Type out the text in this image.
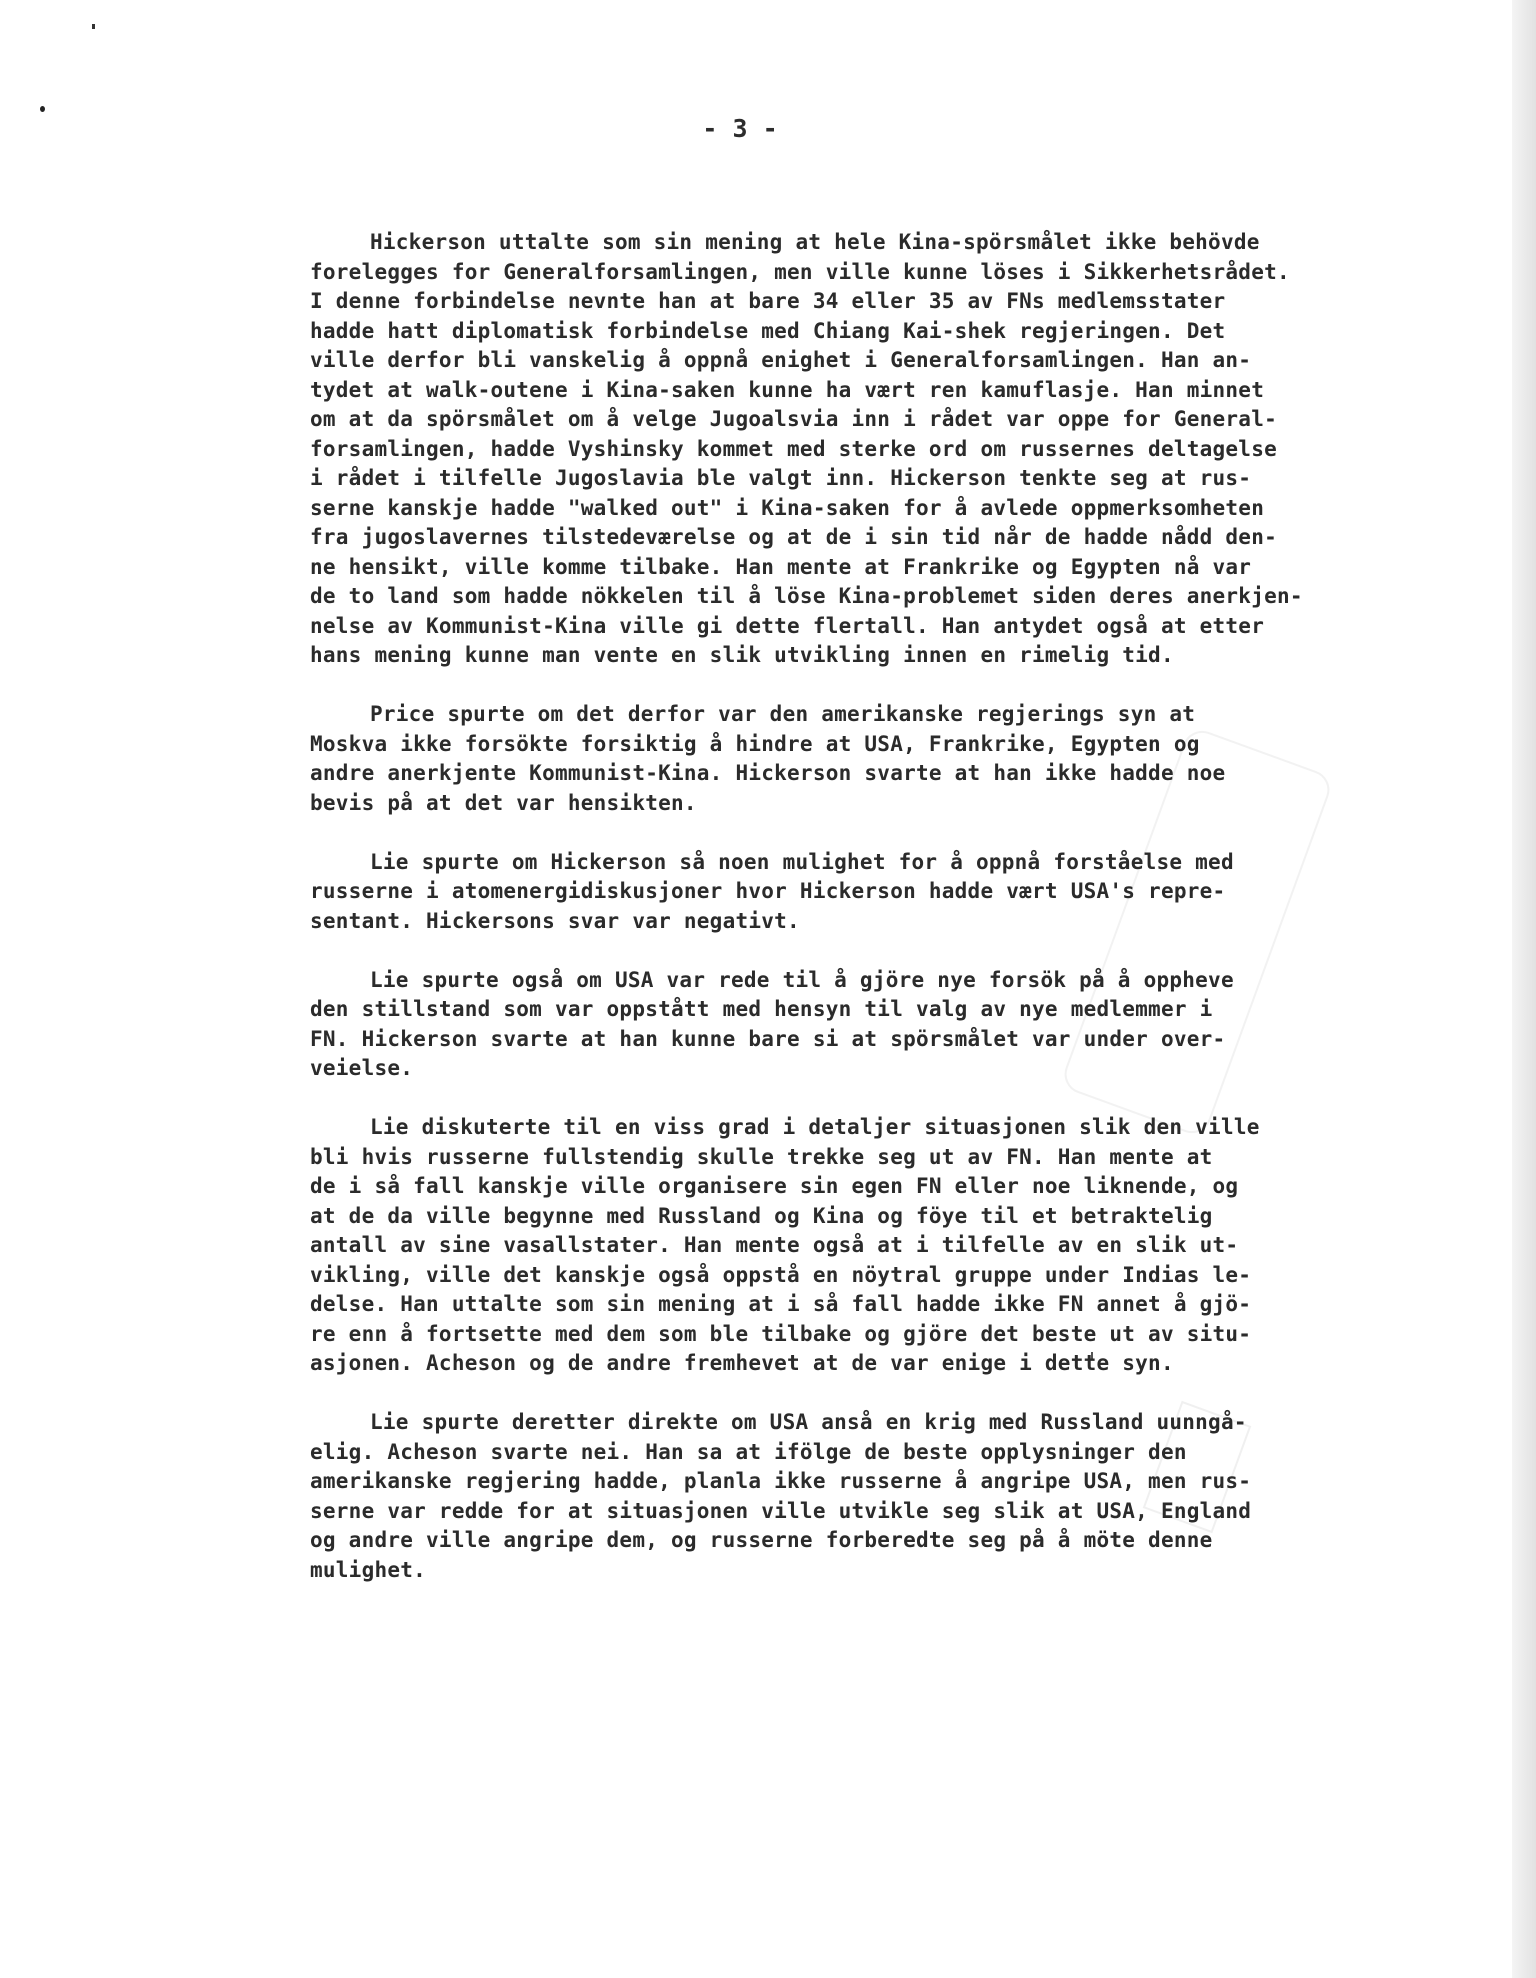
- 3 -
Hickerson uttalte som sin mening at hele Kina-spörsmålet ikke behövde
forelegges for Generalforsamlingen, men ville kunne löses i Sikkerhetsrådet.
I denne forbindelse nevnte han at bare 34 eller 35 av FNs medlemsstater
hadde hatt diplomatisk forbindelse med Chiang Kai-shek regjeringen. Det
ville derfor bli vanskelig å oppnå enighet i Generalforsamlingen. Han an-
tydet at walk-outene i Kina-saken kunne ha vært ren kamuflasje. Han minnet
om at da spörsmålet om å velge Jugoalsvia inn i rådet var oppe for General-
forsamlingen, hadde Vyshinsky kommet med sterke ord om russernes deltagelse
i rådet i tilfelle Jugoslavia ble valgt inn. Hickerson tenkte seg at rus-
serne kanskje hadde "walked out" i Kina-saken for å avlede oppmerksomheten
fra jugoslavernes tilstedeværelse og at de i sin tid når de hadde nådd den-
ne hensikt, ville komme tilbake. Han mente at Frankrike og Egypten nå var
de to land som hadde nökkelen til å löse Kina-problemet siden deres anerkjen-
nelse av Kommunist-Kina ville gi dette flertall. Han antydet også at etter
hans mening kunne man vente en slik utvikling innen en rimelig tid.
Price spurte om det derfor var den amerikanske regjerings syn at
Moskva ikke forsökte forsiktig å hindre at USA, Frankrike, Egypten og
andre anerkjente Kommunist-Kina. Hickerson svarte at han ikke hadde noe
bevis på at det var hensikten.
Lie spurte om Hickerson så noen mulighet for å oppnå forståelse med
russerne i atomenergidiskusjoner hvor Hickerson hadde vært USA's repre-
sentant. Hickersons svar var negativt.
Lie spurte også om USA var rede til å gjöre nye forsök på å oppheve
den stillstand som var oppstått med hensyn til valg av nye medlemmer i
FN. Hickerson svarte at han kunne bare si at spörsmålet var under over-
veielse.
Lie diskuterte til en viss grad i detaljer situasjonen slik den ville
bli hvis russerne fullstendig skulle trekke seg ut av FN. Han mente at
de i så fall kanskje ville organisere sin egen FN eller noe liknende, og
at de da ville begynne med Russland og Kina og föye til et betraktelig
antall av sine vasallstater. Han mente også at i tilfelle av en slik ut-
vikling, ville det kanskje også oppstå en nöytral gruppe under Indias le-
delse. Han uttalte som sin mening at i så fall hadde ikke FN annet å gjö-
re enn å fortsette med dem som ble tilbake og gjöre det beste ut av situ-
asjonen. Acheson og de andre fremhevet at de var enige i dette syn.
Lie spurte deretter direkte om USA anså en krig med Russland uunngå-
elig. Acheson svarte nei. Han sa at ifölge de beste opplysninger den
amerikanske regjering hadde, planla ikke russerne å angripe USA, men rus-
serne var redde for at situasjonen ville utvikle seg slik at USA, England
og andre ville angripe dem, og russerne forberedte seg på å möte denne
mulighet.
